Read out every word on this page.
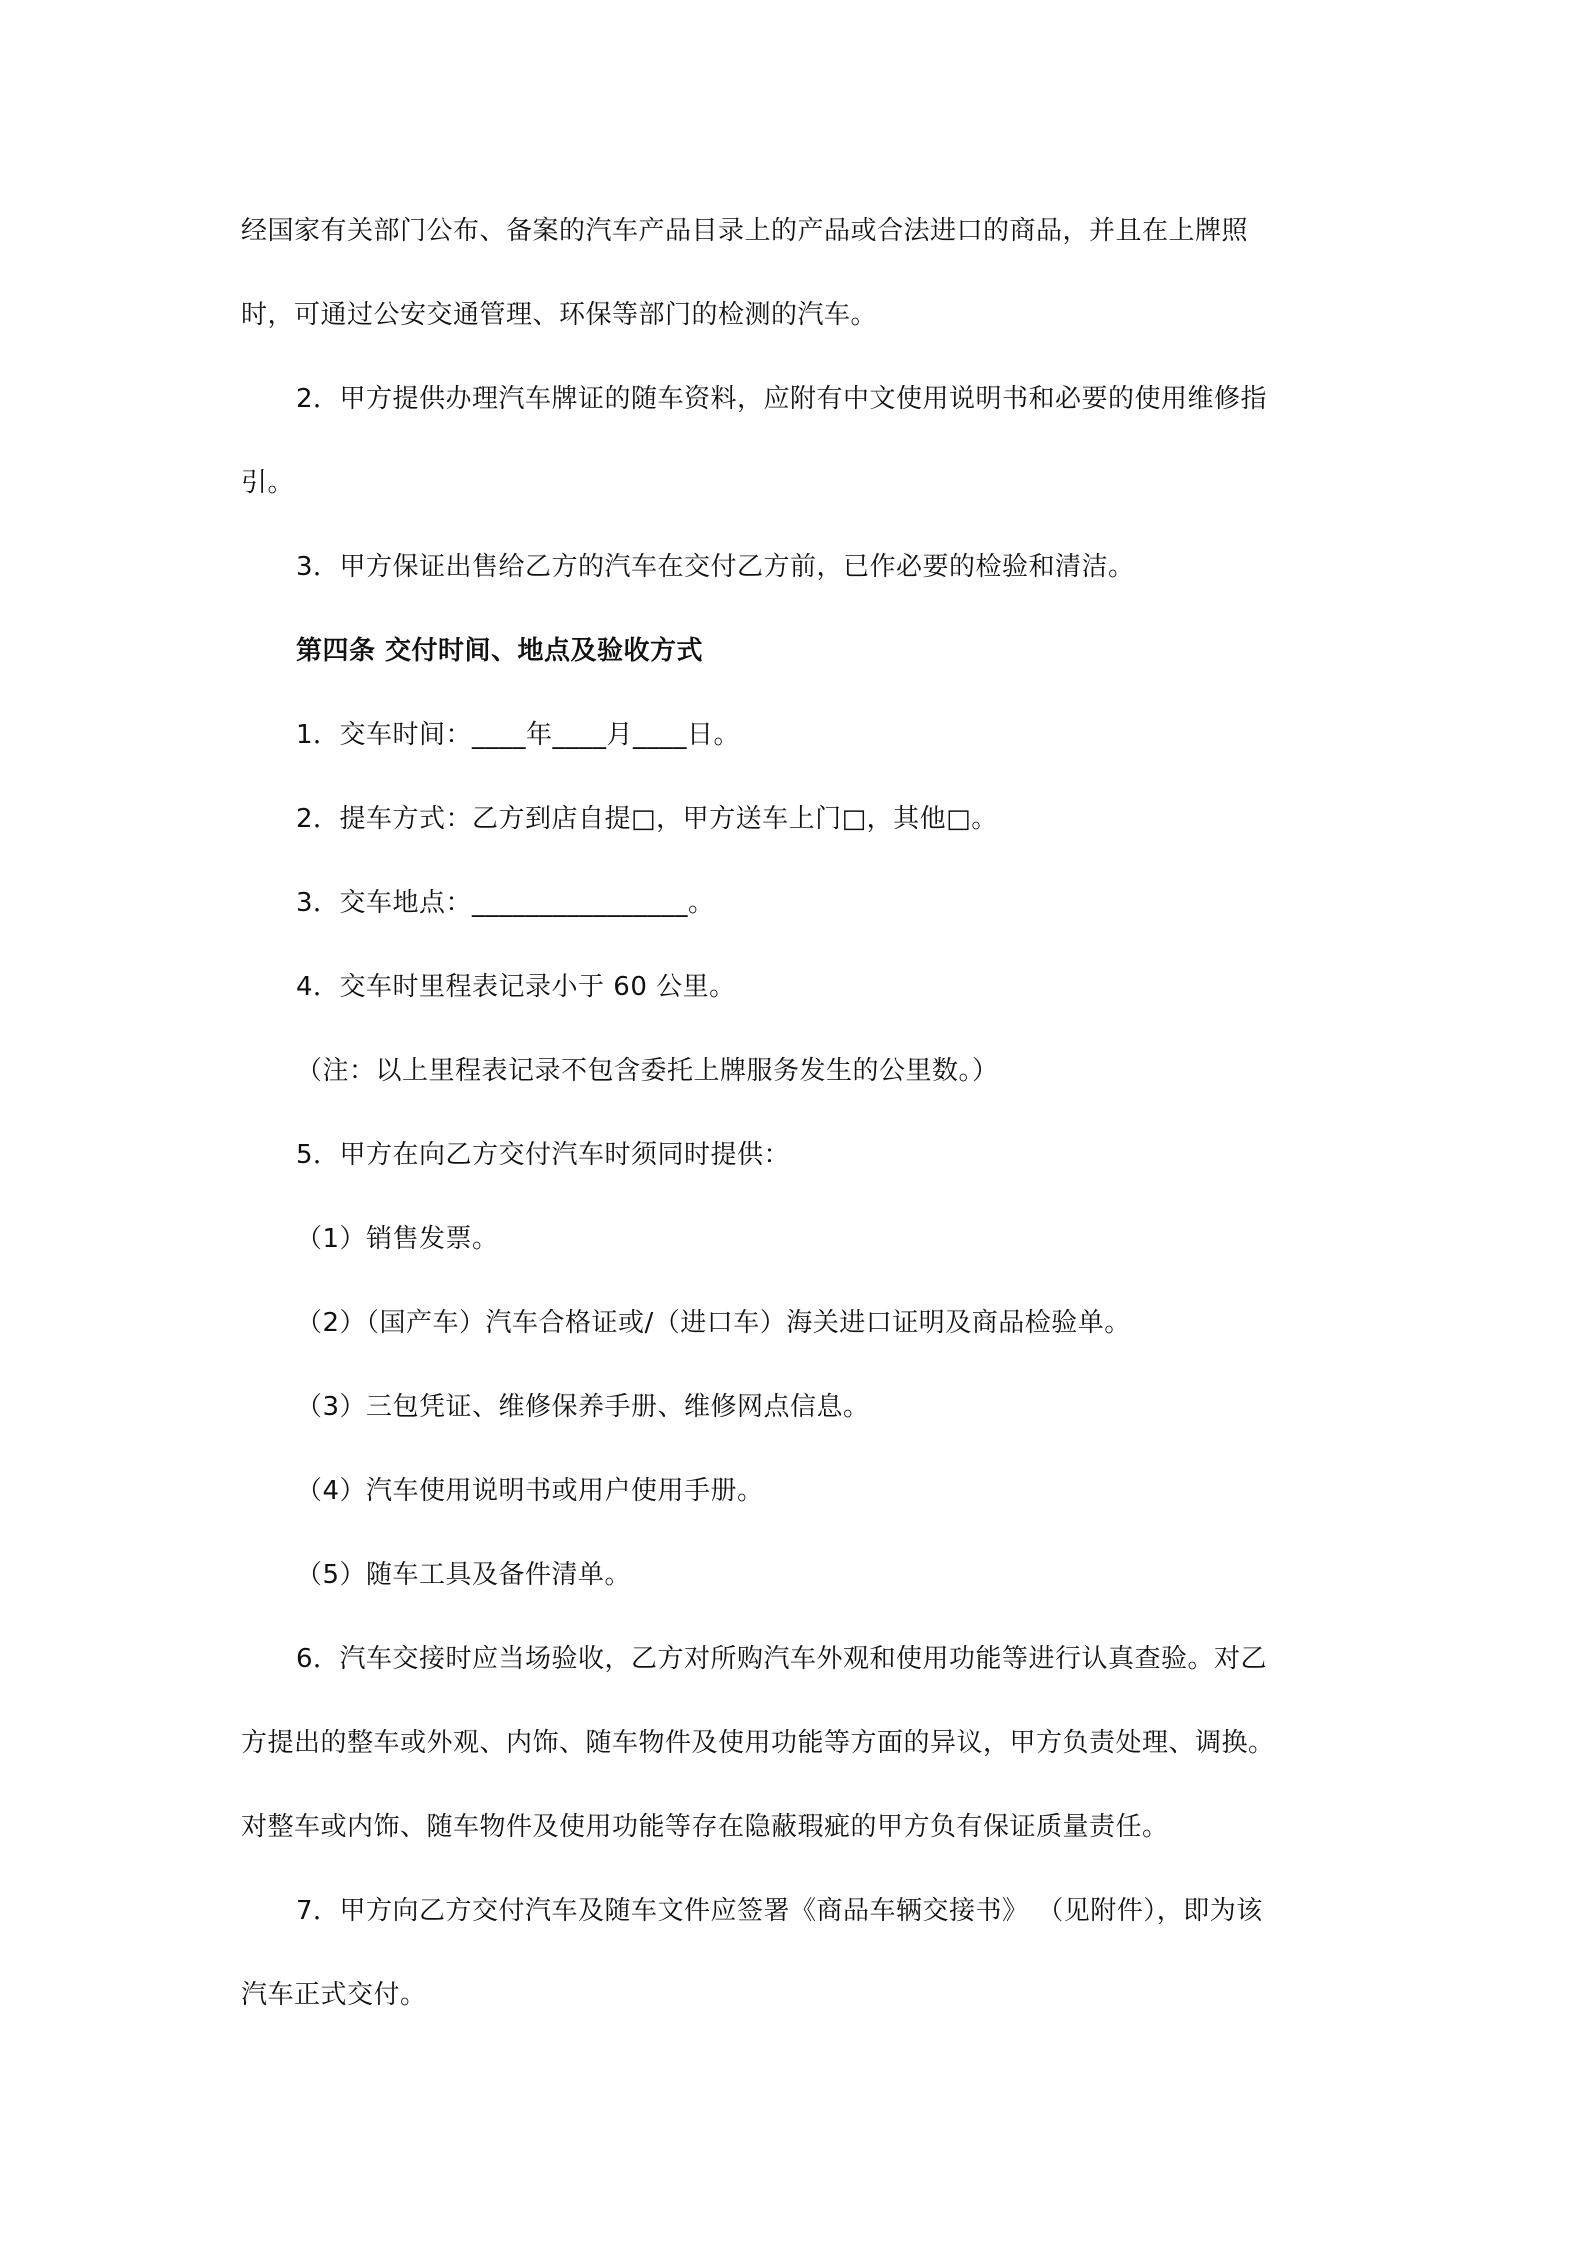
经国家有关部门公布、备案的汽车产品目录上的产品或合法进口的商品，并且在上牌照
时，可通过公安交通管理、环保等部门的检测的汽车。
2．甲方提供办理汽车牌证的随车资料，应附有中文使用说明书和必要的使用维修指
引。
3．甲方保证出售给乙方的汽车在交付乙方前，已作必要的检验和清洁。
第四条 交付时间、地点及验收方式
1．交车时间：____年____月____日。
2．提车方式：乙方到店自提□，甲方送车上门□，其他□。
3．交车地点：________________。
4．交车时里程表记录小于 60 公里。
（注：以上里程表记录不包含委托上牌服务发生的公里数。）
5．甲方在向乙方交付汽车时须同时提供：
（1）销售发票。
（2）（国产车）汽车合格证或/（进口车）海关进口证明及商品检验单。
（3）三包凭证、维修保养手册、维修网点信息。
（4）汽车使用说明书或用户使用手册。
（5）随车工具及备件清单。
6．汽车交接时应当场验收，乙方对所购汽车外观和使用功能等进行认真查验。对乙
方提出的整车或外观、内饰、随车物件及使用功能等方面的异议，甲方负责处理、调换。
对整车或内饰、随车物件及使用功能等存在隐蔽瑕疵的甲方负有保证质量责任。
7．甲方向乙方交付汽车及随车文件应签署《商品车辆交接书》 （见附件），即为该
汽车正式交付。
